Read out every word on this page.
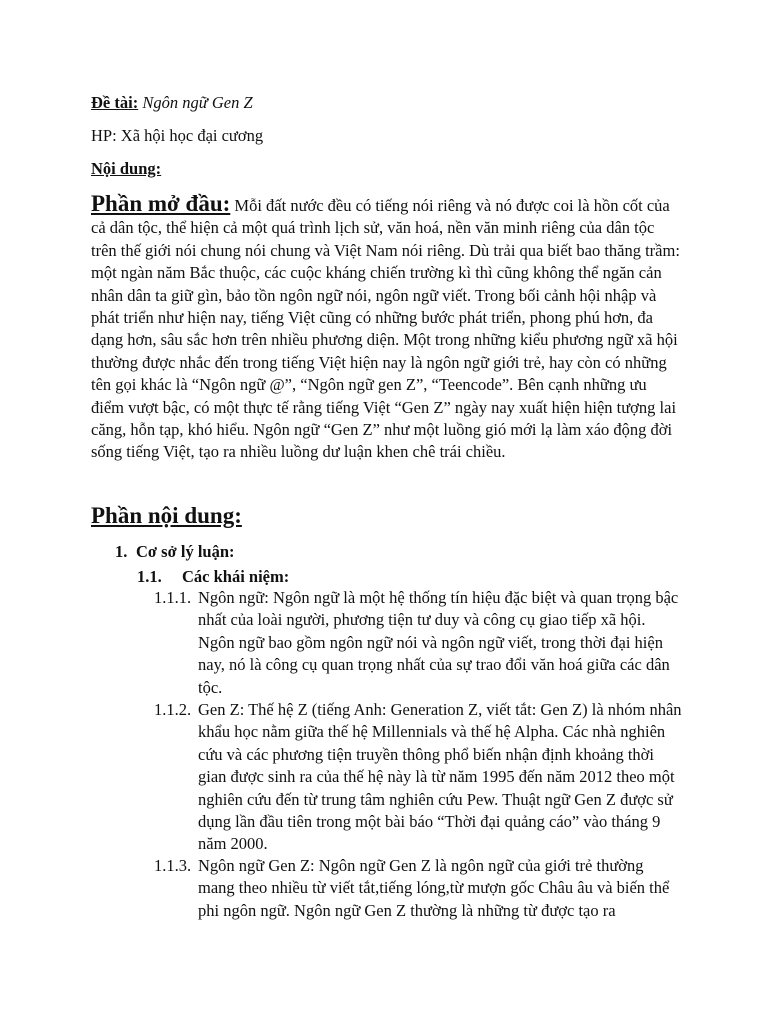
Đề tài: Ngôn ngữ Gen Z
HP: Xã hội học đại cương
Nội dung:
Phần mở đầu: Mỗi đất nước đều có tiếng nói riêng và nó được coi là hồn cốt của cả dân tộc, thể hiện cả một quá trình lịch sử, văn hoá, nền văn minh riêng của dân tộc trên thế giới nói chung nói chung và Việt Nam nói riêng. Dù trải qua biết bao thăng trầm: một ngàn năm Bắc thuộc, các cuộc kháng chiến trường kì thì cũng không thể ngăn cản nhân dân ta giữ gìn, bảo tồn ngôn ngữ nói, ngôn ngữ viết. Trong bối cảnh hội nhập và phát triển như hiện nay, tiếng Việt cũng có những bước phát triển, phong phú hơn, đa dạng hơn, sâu sắc hơn trên nhiều phương diện. Một trong những kiểu phương ngữ xã hội thường được nhắc đến trong tiếng Việt hiện nay là ngôn ngữ giới trẻ, hay còn có những tên gọi khác là “Ngôn ngữ @”, “Ngôn ngữ gen Z”, “Teencode”. Bên cạnh những ưu điểm vượt bậc, có một thực tế rằng tiếng Việt “Gen Z” ngày nay xuất hiện hiện tượng lai căng, hỗn tạp, khó hiểu. Ngôn ngữ “Gen Z” như một luồng gió mới lạ làm xáo động đời sống tiếng Việt, tạo ra nhiều luồng dư luận khen chê trái chiều.
Phần nội dung:
1. Cơ sở lý luận:
1.1. Các khái niệm:
1.1.1. Ngôn ngữ: Ngôn ngữ là một hệ thống tín hiệu đặc biệt và quan trọng bậc nhất của loài người, phương tiện tư duy và công cụ giao tiếp xã hội. Ngôn ngữ bao gồm ngôn ngữ nói và ngôn ngữ viết, trong thời đại hiện nay, nó là công cụ quan trọng nhất của sự trao đổi văn hoá giữa các dân tộc.
1.1.2. Gen Z: Thế hệ Z (tiếng Anh: Generation Z, viết tắt: Gen Z) là nhóm nhân khẩu học nằm giữa thế hệ Millennials và thế hệ Alpha. Các nhà nghiên cứu và các phương tiện truyền thông phổ biến nhận định khoảng thời gian được sinh ra của thế hệ này là từ năm 1995 đến năm 2012 theo một nghiên cứu đến từ trung tâm nghiên cứu Pew. Thuật ngữ Gen Z được sử dụng lần đầu tiên trong một bài báo “Thời đại quảng cáo” vào tháng 9 năm 2000.
1.1.3. Ngôn ngữ Gen Z: Ngôn ngữ Gen Z là ngôn ngữ của giới trẻ thường mang theo nhiều từ viết tắt,tiếng lóng,từ mượn gốc Châu âu và biến thể phi ngôn ngữ. Ngôn ngữ Gen Z thường là những từ được tạo ra
